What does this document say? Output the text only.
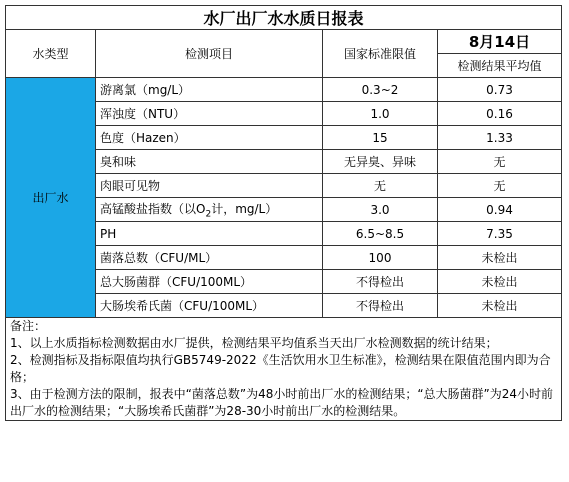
水厂出厂水水质日报表			
水类型	检测项目	国家标准限值	8月14日
			检测结果平均值
出厂水	游离氯（mg/L）	0.3~2	0.73
	浑浊度（NTU）	1.0	0.16
	色度（Hazen）	15	1.33
	臭和味	无异臭、异味	无
	肉眼可见物	无	无
	高锰酸盐指数（以$O_2$计，mg/L）	3.0	0.94
	PH	6.5~8.5	7.35
	菌落总数（CFU/ML）	100	未检出
	总大肠菌群（CFU/100ML）	不得检出	未检出
	大肠埃希氏菌（CFU/100ML）	不得检出	未检出

备注：
1、以上水质指标检测数据由水厂提供，检测结果平均值系当天出厂水检测数据的统计结果；
2、检测指标及指标限值均执行GB5749-2022《生活饮用水卫生标准》，检测结果在限值范围内即为合格；
3、由于检测方法的限制，报表中“菌落总数”为48小时前出厂水的检测结果；“总大肠菌群”为24小时前出厂水的检测结果；“大肠埃希氏菌群”为28-30小时前出厂水的检测结果。			
